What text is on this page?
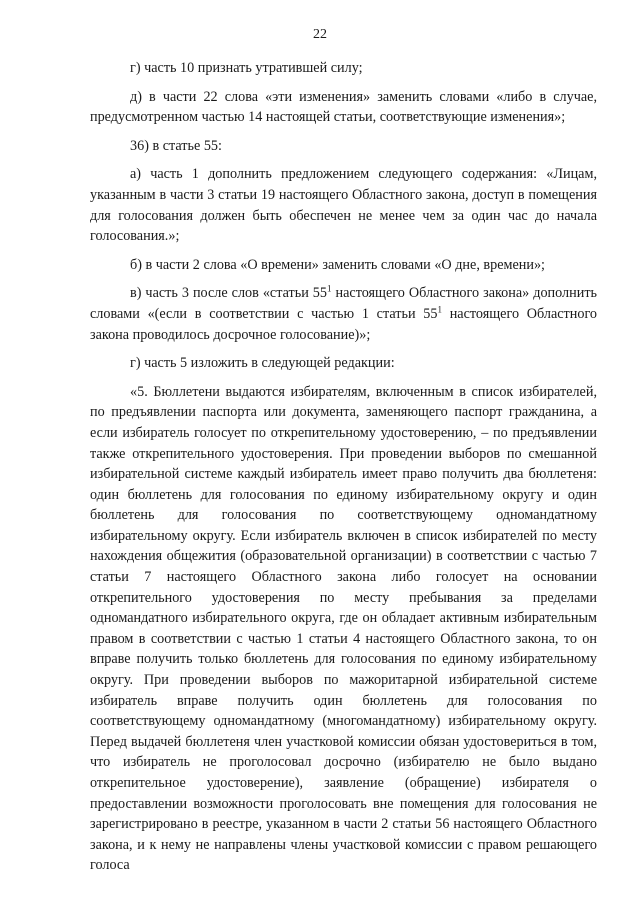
22

г) часть 10 признать утратившей силу;

д) в части 22 слова «эти изменения» заменить словами «либо в случае, предусмотренном частью 14 настоящей статьи, соответствующие изменения»;

36) в статье 55:

а) часть 1 дополнить предложением следующего содержания: «Лицам, указанным в части 3 статьи 19 настоящего Областного закона, доступ в помещения для голосования должен быть обеспечен не менее чем за один час до начала голосования.»;

б) в части 2 слова «О времени» заменить словами «О дне, времени»;

в) часть 3 после слов «статьи $55^1$ настоящего Областного закона» дополнить словами «(если в соответствии с частью 1 статьи $55^1$ настоящего Областного закона проводилось досрочное голосование)»;

г) часть 5 изложить в следующей редакции:

«5. Бюллетени выдаются избирателям, включенным в список избирателей, по предъявлении паспорта или документа, заменяющего паспорт гражданина, а если избиратель голосует по открепительному удостоверению, – по предъявлении также открепительного удостоверения. При проведении выборов по смешанной избирательной системе каждый избиратель имеет право получить два бюллетеня: один бюллетень для голосования по единому избирательному округу и один бюллетень для голосования по соответствующему одномандатному избирательному округу. Если избиратель включен в список избирателей по месту нахождения общежития (образовательной организации) в соответствии с частью 7 статьи 7 настоящего Областного закона либо голосует на основании открепительного удостоверения по месту пребывания за пределами одномандатного избирательного округа, где он обладает активным избирательным правом в соответствии с частью 1 статьи 4 настоящего Областного закона, то он вправе получить только бюллетень для голосования по единому избирательному округу. При проведении выборов по мажоритарной избирательной системе избиратель вправе получить один бюллетень для голосования по соответствующему одномандатному (многомандатному) избирательному округу. Перед выдачей бюллетеня член участковой комиссии обязан удостовериться в том, что избиратель не проголосовал досрочно (избирателю не было выдано открепительное удостоверение), заявление (обращение) избирателя о предоставлении возможности проголосовать вне помещения для голосования не зарегистрировано в реестре, указанном в части 2 статьи 56 настоящего Областного закона, и к нему не направлены члены участковой комиссии с правом решающего голоса
